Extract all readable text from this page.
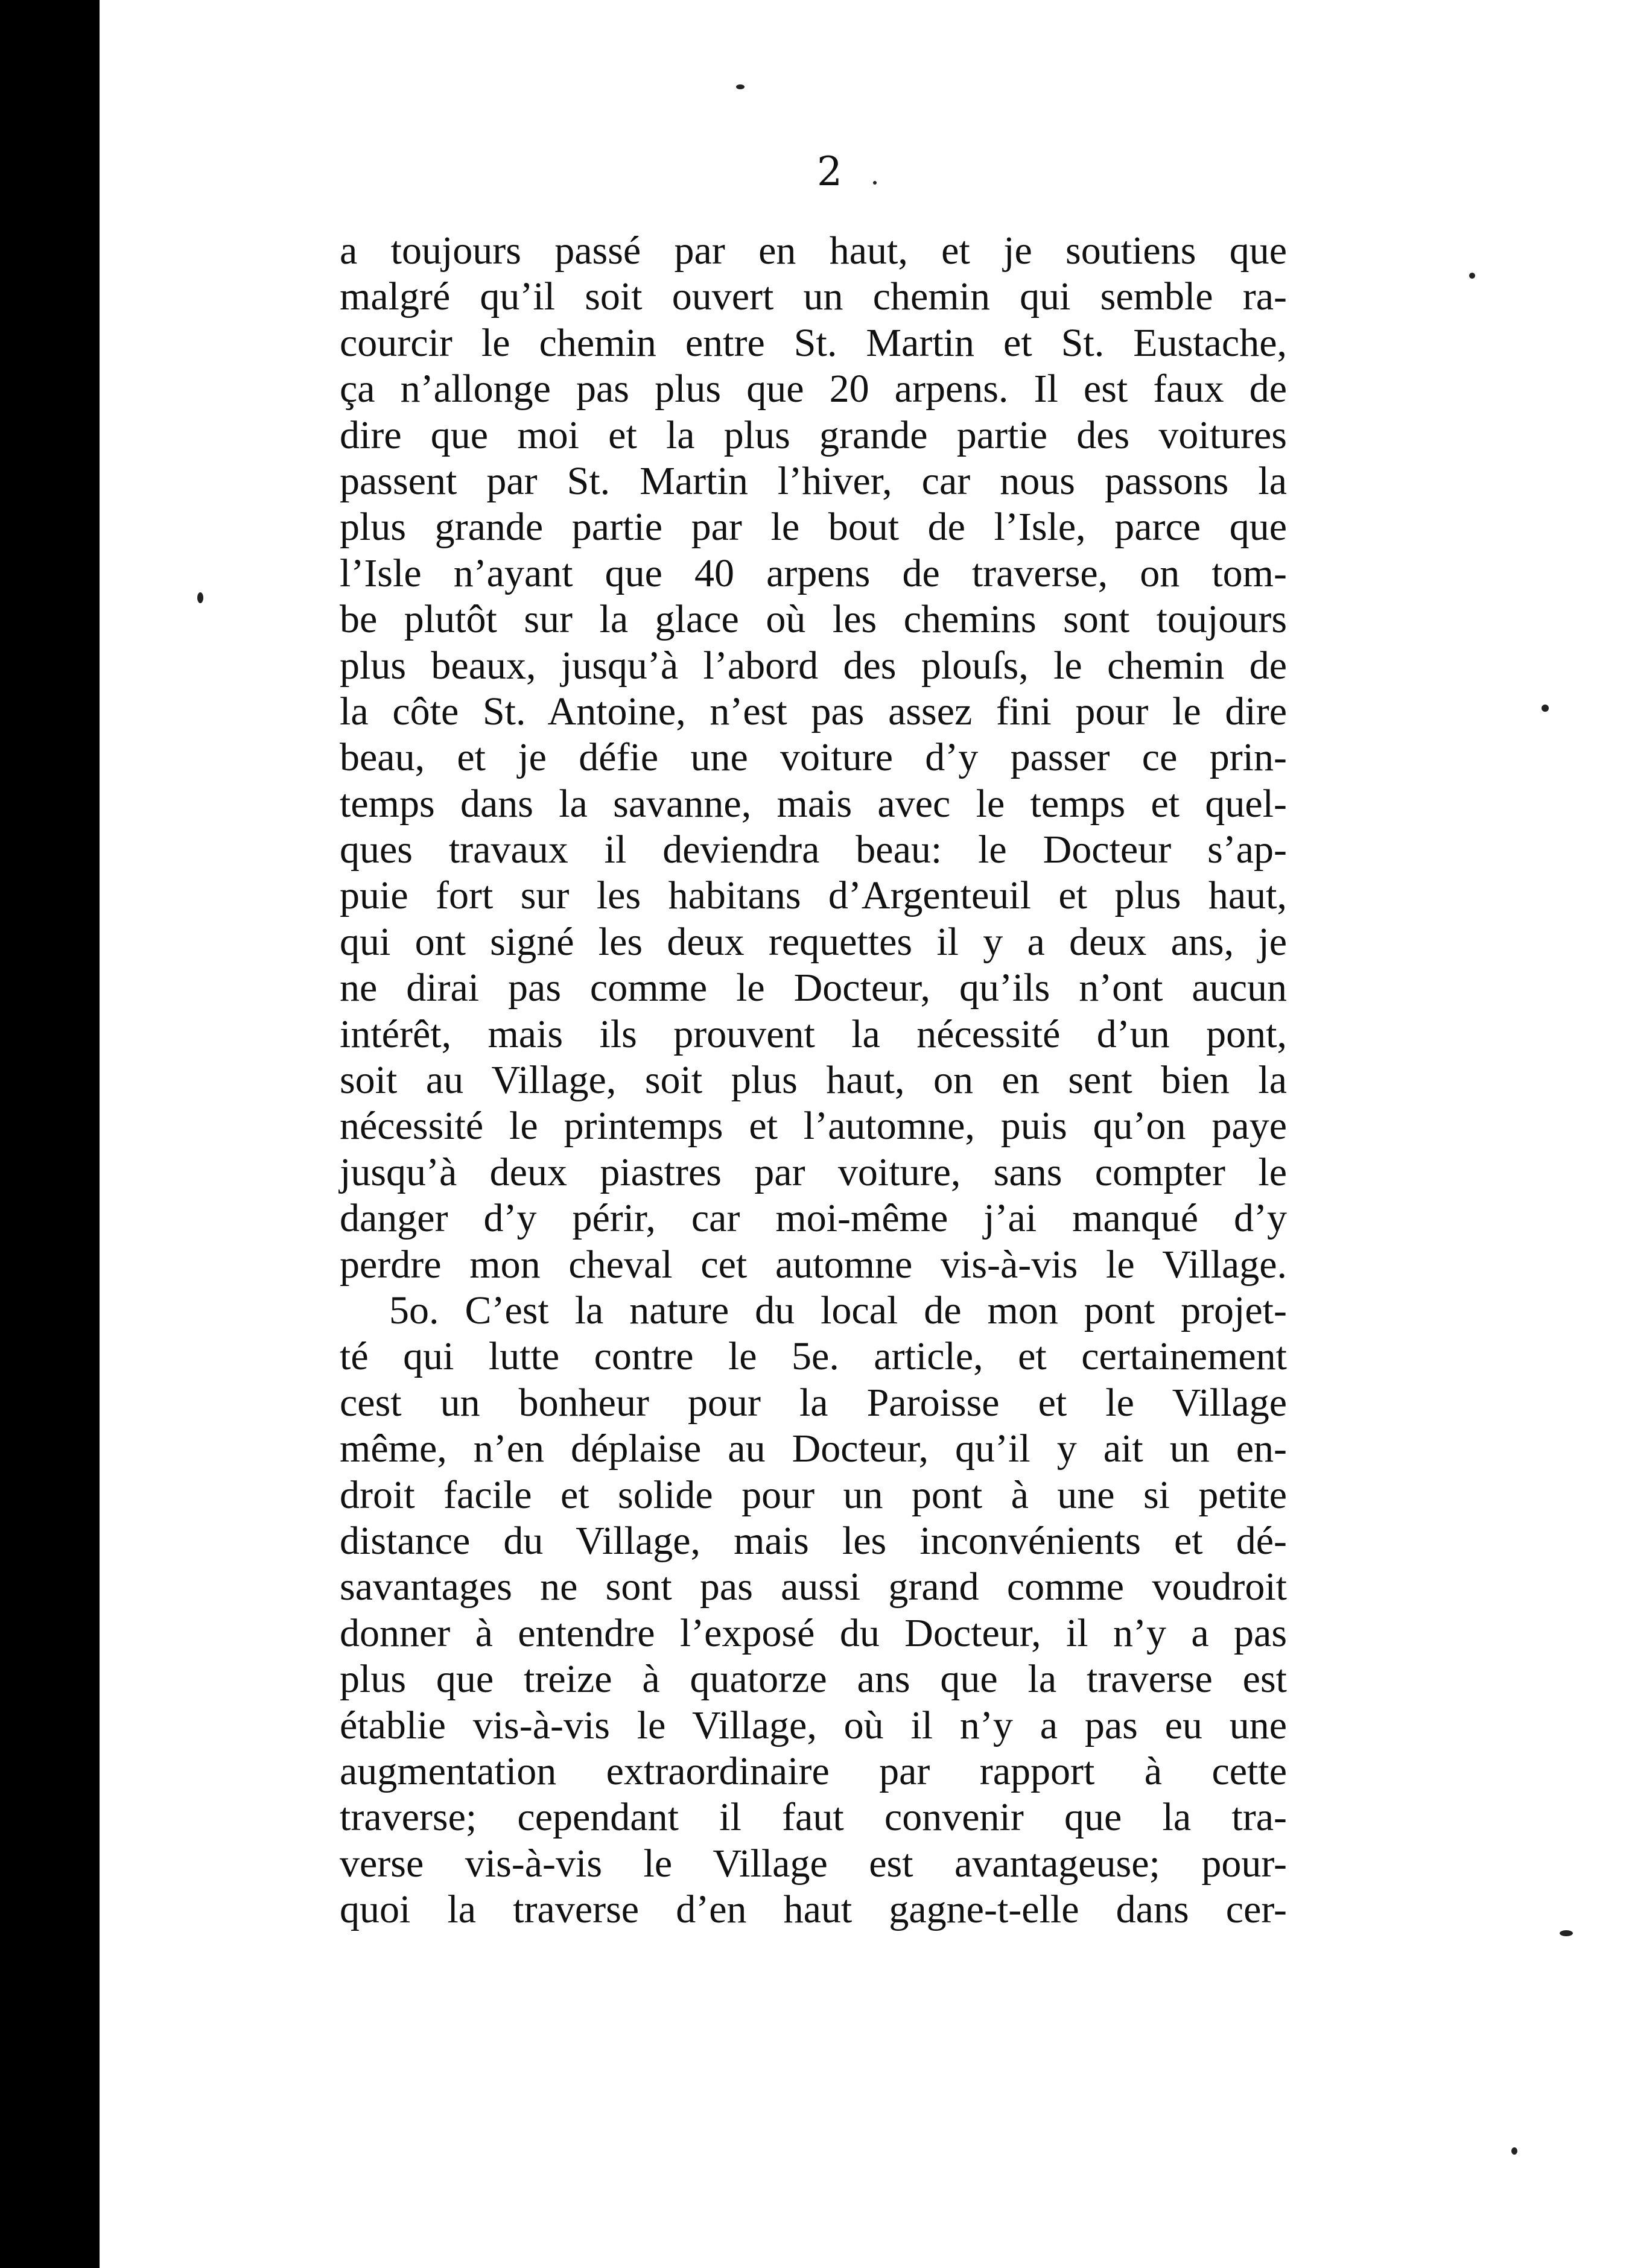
2
a toujours passé par en haut, et je soutiens que
malgré qu’il soit ouvert un chemin qui semble ra-
courcir le chemin entre St. Martin et St. Eustache,
ça n’allonge pas plus que 20 arpens. Il est faux de
dire que moi et la plus grande partie des voitures
passent par St. Martin l’hiver, car nous passons la
plus grande partie par le bout de l’Isle, parce que
l’Isle n’ayant que 40 arpens de traverse, on tom-
be plutôt sur la glace où les chemins sont toujours
plus beaux, jusqu’à l’abord des plouſs, le chemin de
la côte St. Antoine, n’est pas assez fini pour le dire
beau, et je défie une voiture d’y passer ce prin-
temps dans la savanne, mais avec le temps et quel-
ques travaux il deviendra beau: le Docteur s’ap-
puie fort sur les habitans d’Argenteuil et plus haut,
qui ont signé les deux requettes il y a deux ans, je
ne dirai pas comme le Docteur, qu’ils n’ont aucun
intérêt, mais ils prouvent la nécessité d’un pont,
soit au Village, soit plus haut, on en sent bien la
nécessité le printemps et l’automne, puis qu’on paye
jusqu’à deux piastres par voiture, sans compter le
danger d’y périr, car moi-même j’ai manqué d’y
perdre mon cheval cet automne vis-à-vis le Village.
5o. C’est la nature du local de mon pont projet-
té qui lutte contre le 5e. article, et certainement
cest un bonheur pour la Paroisse et le Village
même, n’en déplaise au Docteur, qu’il y ait un en-
droit facile et solide pour un pont à une si petite
distance du Village, mais les inconvénients et dé-
savantages ne sont pas aussi grand comme voudroit
donner à entendre l’exposé du Docteur, il n’y a pas
plus que treize à quatorze ans que la traverse est
établie vis-à-vis le Village, où il n’y a pas eu une
augmentation extraordinaire par rapport à cette
traverse; cependant il faut convenir que la tra-
verse vis-à-vis le Village est avantageuse; pour-
quoi la traverse d’en haut gagne-t-elle dans cer-
